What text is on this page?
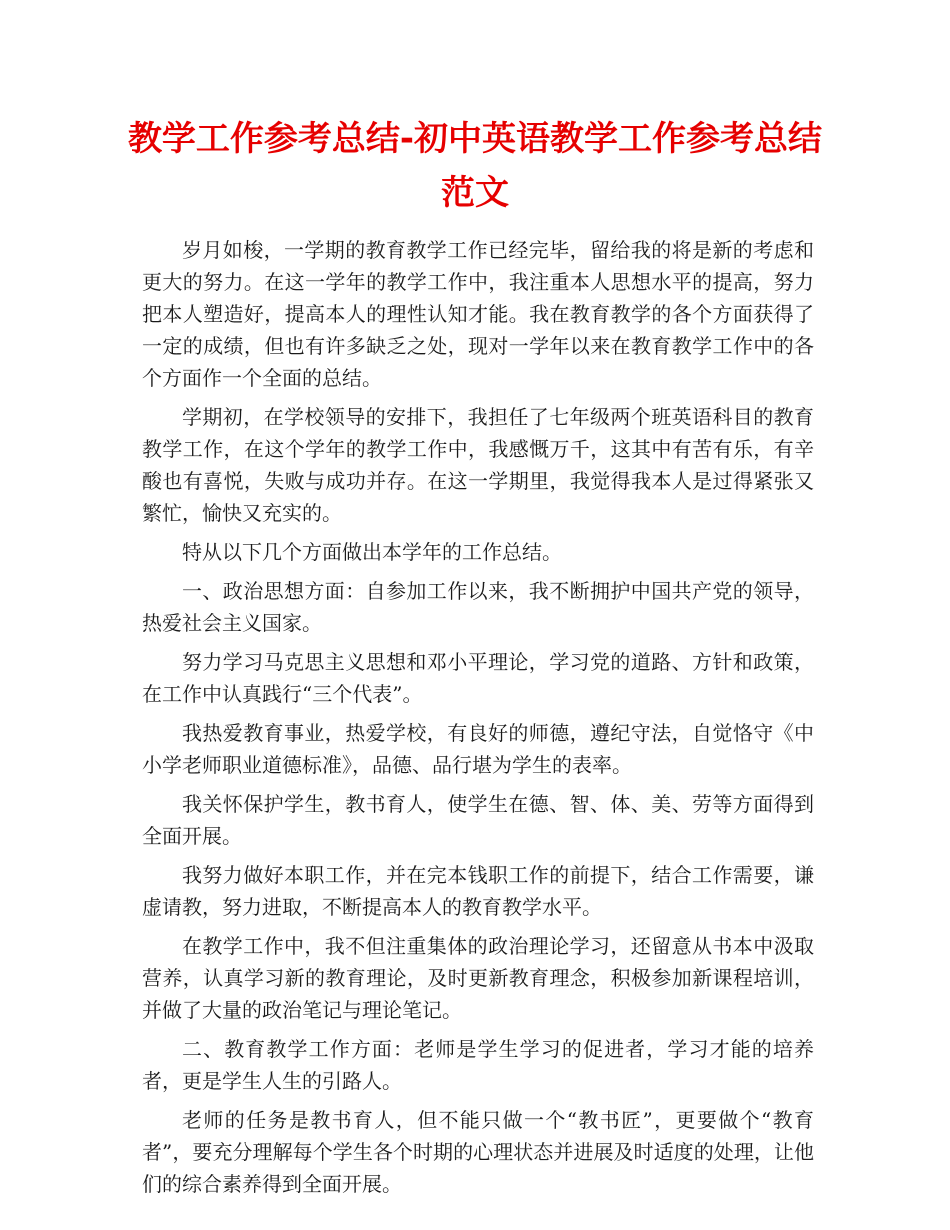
教学工作参考总结-初中英语教学工作参考总结范文

岁月如梭，一学期的教育教学工作已经完毕，留给我的将是新的考虑和更大的努力。在这一学年的教学工作中，我注重本人思想水平的提高，努力把本人塑造好，提高本人的理性认知才能。我在教育教学的各个方面获得了一定的成绩，但也有许多缺乏之处，现对一学年以来在教育教学工作中的各个方面作一个全面的总结。

学期初，在学校领导的安排下，我担任了七年级两个班英语科目的教育教学工作，在这个学年的教学工作中，我感慨万千，这其中有苦有乐，有辛酸也有喜悦，失败与成功并存。在这一学期里，我觉得我本人是过得紧张又繁忙，愉快又充实的。

特从以下几个方面做出本学年的工作总结。

一、政治思想方面：自参加工作以来，我不断拥护中国共产党的领导，热爱社会主义国家。

努力学习马克思主义思想和邓小平理论，学习党的道路、方针和政策，在工作中认真践行“三个代表”。

我热爱教育事业，热爱学校，有良好的师德，遵纪守法，自觉恪守《中小学老师职业道德标准》，品德、品行堪为学生的表率。

我关怀保护学生，教书育人，使学生在德、智、体、美、劳等方面得到全面开展。

我努力做好本职工作，并在完本钱职工作的前提下，结合工作需要，谦虚请教，努力进取，不断提高本人的教育教学水平。

在教学工作中，我不但注重集体的政治理论学习，还留意从书本中汲取营养，认真学习新的教育理论，及时更新教育理念，积极参加新课程培训，并做了大量的政治笔记与理论笔记。

二、教育教学工作方面：老师是学生学习的促进者，学习才能的培养者，更是学生人生的引路人。

老师的任务是教书育人，但不能只做一个“教书匠”，更要做个“教育者”，要充分理解每个学生各个时期的心理状态并进展及时适度的处理，让他们的综合素养得到全面开展。
